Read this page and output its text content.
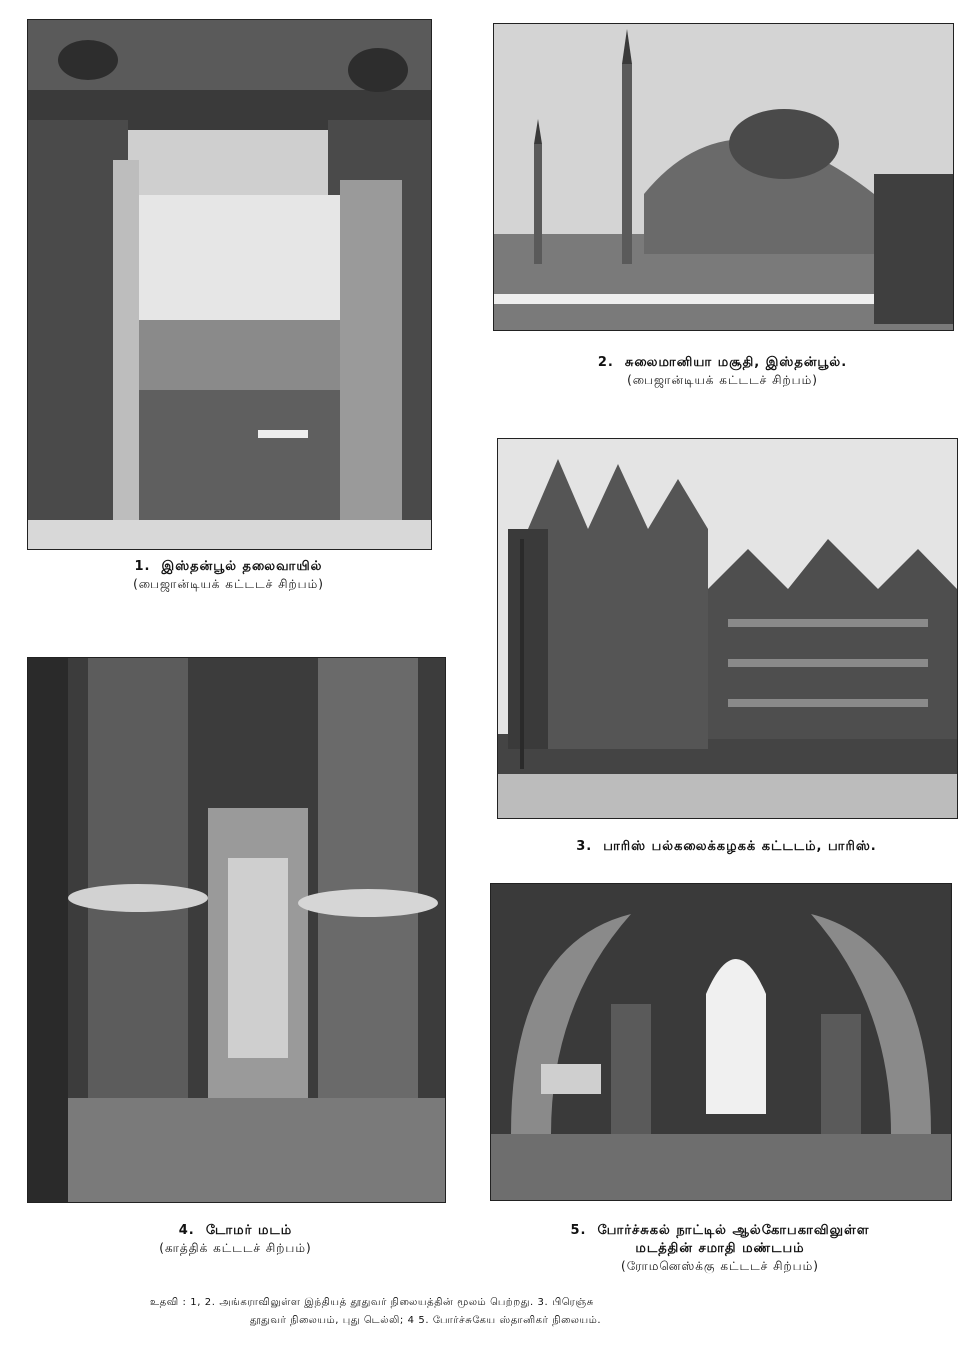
2. சுலைமானியா மசூதி, இஸ்தன்பூல்.
(பைஜான்டியக் கட்டடச் சிற்பம்)
1. இஸ்தன்பூல் தலைவாயில்
(பைஜான்டியக் கட்டடச் சிற்பம்)
3. பாரிஸ் பல்கலைக்கழகக் கட்டடம், பாரிஸ்.
4. டோமர் மடம்
(காத்திக் கட்டடச் சிற்பம்)
5. போர்ச்சுகல் நாட்டில் ஆல்கோபகாவிலுள்ள
மடத்தின் சமாதி மண்டபம்
(ரோமனெஸ்க்கு கட்டடச் சிற்பம்)
உதவி : 1, 2. அங்கராவிலுள்ள இந்தியத் தூதுவர் நிலையத்தின் மூலம் பெற்றது. 3. பிரெஞ்சு
தூதுவர் நிலையம், புது டெல்லி; 4 5. போர்ச்சுகேய ஸ்தானிகர் நிலையம்.
